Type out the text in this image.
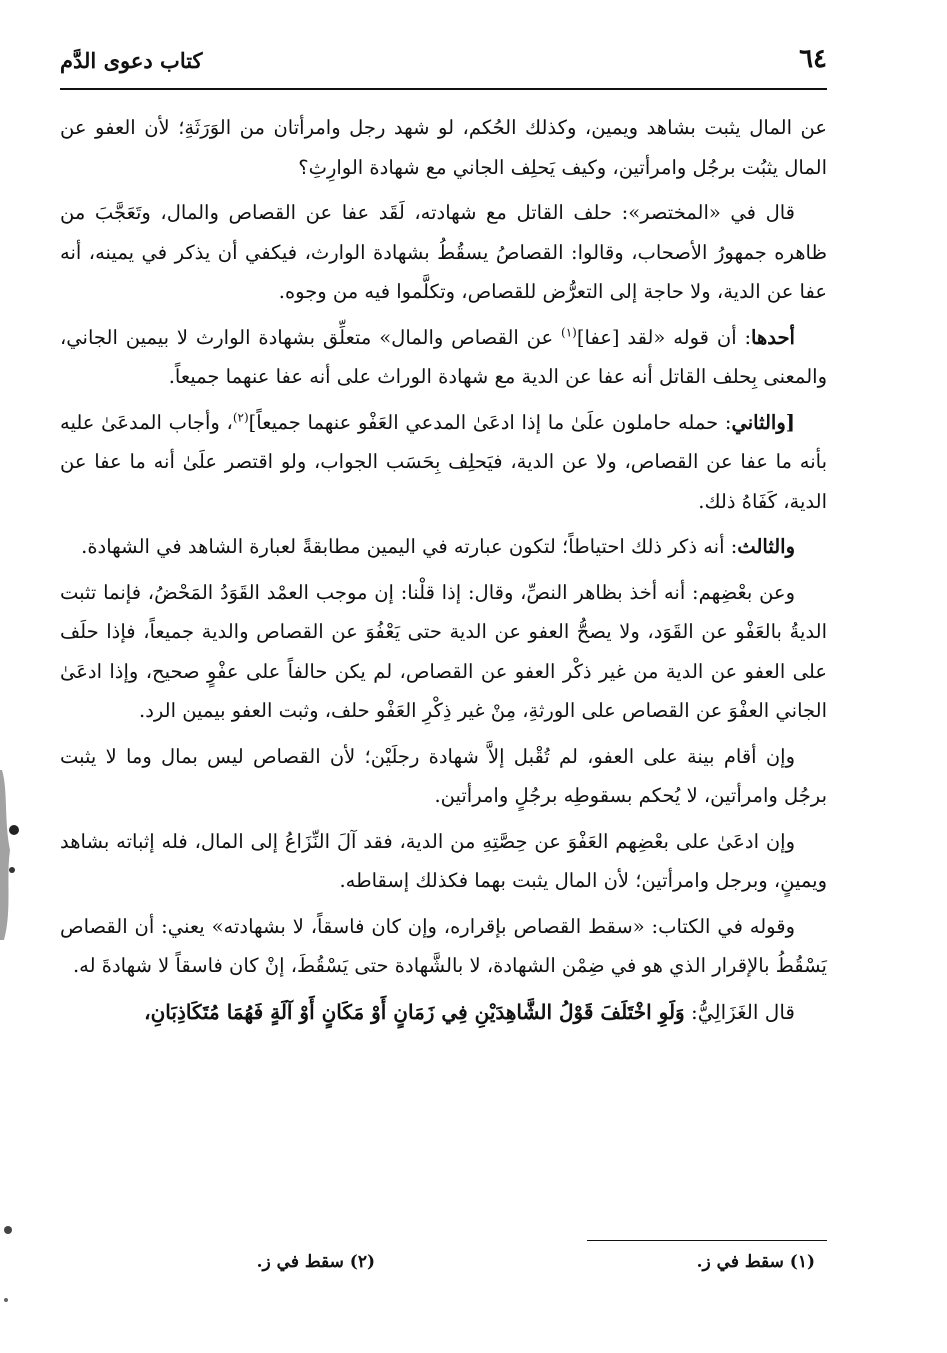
٦٤
كتاب دعوى الدَّم

عن المال يثبت بشاهد ويمين، وكذلك الحُكم، لو شهد رجل وامرأتان من الوَرَثَةِ؛ لأن العفو عن المال يثبُت برجُل وامرأتين، وكيف يَحلِف الجاني مع شهادة الوارِثِ؟

قال في «المختصر»: حلف القاتل مع شهادته، لَقَد عفا عن القصاص والمال، وتَعَجَّبَ من ظاهره جمهورُ الأصحاب، وقالوا: القصاصُ يسقُطُ بشهادة الوارث، فيكفي أن يذكر في يمينه، أنه عفا عن الدية، ولا حاجة إلى التعرُّض للقصاص، وتكلَّموا فيه من وجوه.

أحدها: أن قوله «لقد [عفا]$^{(١)}$ عن القصاص والمال» متعلِّق بشهادة الوارث لا بيمين الجاني، والمعنى بِحلف القاتل أنه عفا عن الدية مع شهادة الوراث على أنه عفا عنهما جميعاً.

[والثاني: حمله حاملون علَىٰ ما إذا ادعَىٰ المدعي العَفْو عنهما جميعاً]$^{(٢)}$، وأجاب المدعَىٰ عليه بأنه ما عفا عن القصاص، ولا عن الدية، فيَحلِف بِحَسَب الجواب، ولو اقتصر علَىٰ أنه ما عفا عن الدية، كَفَاهُ ذلك.

والثالث: أنه ذكر ذلك احتياطاً؛ لتكون عبارته في اليمين مطابقةً لعبارة الشاهد في الشهادة.

وعن بعْضِهم: أنه أخذ بظاهر النصِّ، وقال: إذا قلْنا: إن موجب العمْد القَوَدُ المَحْضُ، فإنما تثبت الديةُ بالعَفْو عن القَوَد، ولا يصحُّ العفو عن الدية حتى يَعْفُوَ عن القصاص والدية جميعاً، فإذا حلَف على العفو عن الدية من غير ذكْر العفو عن القصاص، لم يكن حالفاً على عفْوٍ صحيح، وإذا ادعَىٰ الجاني العفْوَ عن القصاص على الورثةِ، مِنْ غير ذِكْرِ العَفْو حلف، وثبت العفو بيمين الرد.

وإن أقام بينة على العفو، لم تُقْبل إلاَّ شهادة رجلَيْن؛ لأن القصاص ليس بمال وما لا يثبت برجُل وامرأتين، لا يُحكم بسقوطِه برجُلٍ وامرأتين.

وإن ادعَىٰ على بعْضِهم العَفْوَ عن حِصَّتِهِ من الدية، فقد آلَ النِّزَاعُ إلى المال، فله إثباته بشاهد ويمينٍ، وبرجل وامرأتين؛ لأن المال يثبت بهما فكذلك إسقاطه.

وقوله في الكتاب: «سقط القصاص بإقراره، وإن كان فاسقاً، لا بشهادته» يعني: أن القصاص يَسْقُطُ بالإقرار الذي هو في ضِمْن الشهادة، لا بالشَّهادة حتى يَسْقُطَ، إنْ كان فاسقاً لا شهادةَ له.

قال الغَزَالِيُّ: وَلَوِ اخْتَلَفَ قَوْلُ الشَّاهِدَيْنِ فِي زَمَانٍ أَوْ مَكَانٍ أَوْ آلَةٍ فَهُمَا مُتَكَاذِبَانِ،

(١) سقط في ز.
(٢) سقط في ز.
